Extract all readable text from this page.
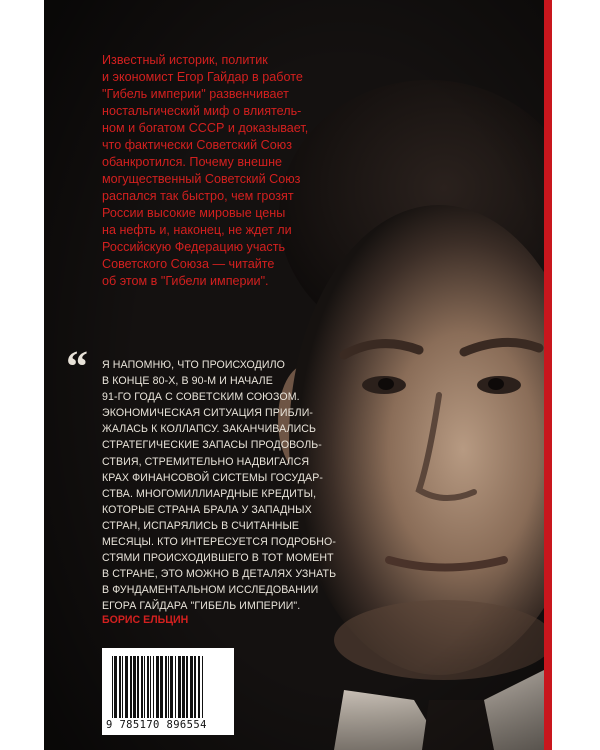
Известный историк, политик

и экономист Егор Гайдар в работе

"Гибель империи" развенчивает

ностальгический миф о влиятель-

ном и богатом СССР и доказывает,

что фактически Советский Союз

обанкротился. Почему внешне

могущественный Советский Союз

распался так быстро, чем грозят

России высокие мировые цены

на нефть и, наконец, не ждет ли

Российскую Федерацию участь

Советского Союза — читайте

об этом в "Гибели империи".

“ Я НАПОМНЮ, ЧТО ПРОИСХОДИЛО

В КОНЦЕ 80-Х, В 90-М И НАЧАЛЕ

91-ГО ГОДА С СОВЕТСКИМ СОЮЗОМ.

ЭКОНОМИЧЕСКАЯ СИТУАЦИЯ ПРИБЛИ-

ЖАЛАСЬ К КОЛЛАПСУ. ЗАКАНЧИВАЛИСЬ

СТРАТЕГИЧЕСКИЕ ЗАПАСЫ ПРОДОВОЛЬ-

СТВИЯ, СТРЕМИТЕЛЬНО НАДВИГАЛСЯ

КРАХ ФИНАНСОВОЙ СИСТЕМЫ ГОСУДАР-

СТВА. МНОГОМИЛЛИАРДНЫЕ КРЕДИТЫ,

КОТОРЫЕ СТРАНА БРАЛА У ЗАПАДНЫХ

СТРАН, ИСПАРЯЛИСЬ В СЧИТАННЫЕ

МЕСЯЦЫ. КТО ИНТЕРЕСУЕТСЯ ПОДРОБНО-

СТЯМИ ПРОИСХОДИВШЕГО В ТОТ МОМЕНТ

В СТРАНЕ, ЭТО МОЖНО В ДЕТАЛЯХ УЗНАТЬ

В ФУНДАМЕНТАЛЬНОМ ИССЛЕДОВАНИИ

ЕГОРА ГАЙДАРА "ГИБЕЛЬ ИМПЕРИИ".

БОРИС ЕЛЬЦИН
9 785170 896554
